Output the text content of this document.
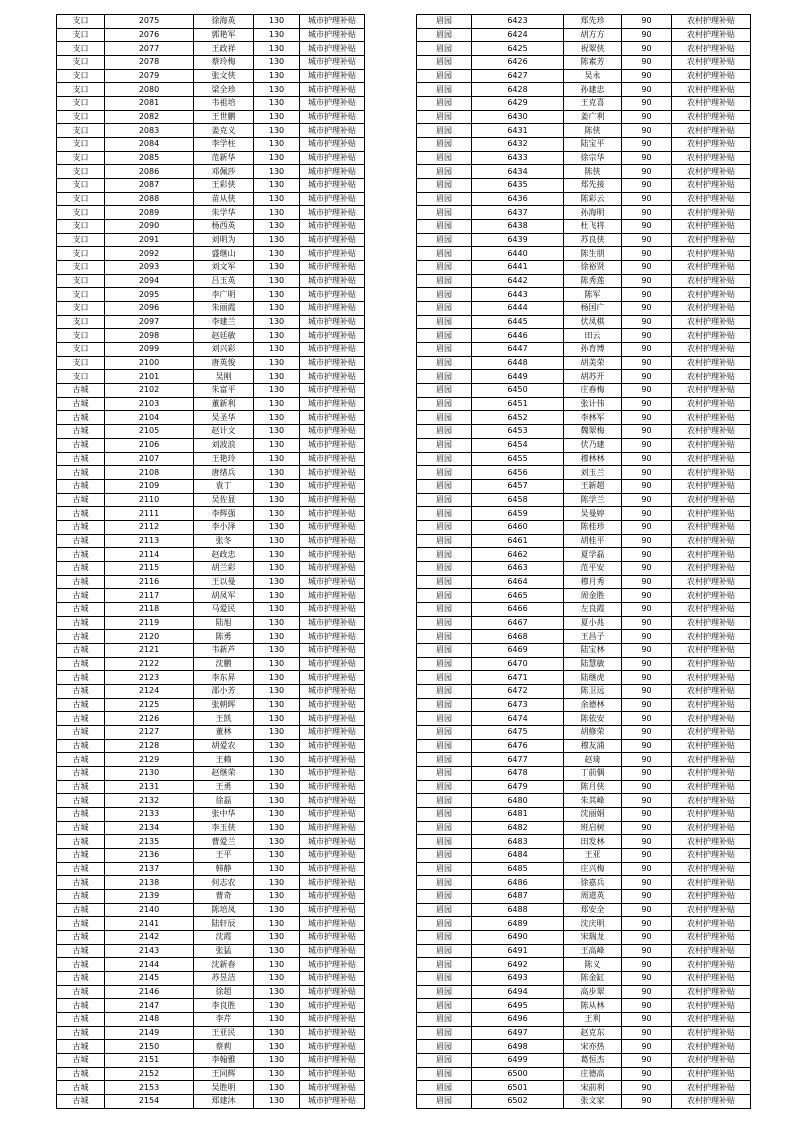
支口	2075	徐海英	130	城市护理补贴
支口	2076	郭艳军	130	城市护理补贴
支口	2077	王政祥	130	城市护理补贴
支口	2078	蔡玲梅	130	城市护理补贴
支口	2079	张文侠	130	城市护理补贴
支口	2080	梁全珍	130	城市护理补贴
支口	2081	韦祖培	130	城市护理补贴
支口	2082	王世鹏	130	城市护理补贴
支口	2083	姜克义	130	城市护理补贴
支口	2084	李学柱	130	城市护理补贴
支口	2085	范新华	130	城市护理补贴
支口	2086	邓佩莎	130	城市护理补贴
支口	2087	王彩侠	130	城市护理补贴
支口	2088	苗从侠	130	城市护理补贴
支口	2089	朱学华	130	城市护理补贴
支口	2090	杨西英	130	城市护理补贴
支口	2091	刘明为	130	城市护理补贴
支口	2092	盛继山	130	城市护理补贴
支口	2093	刘文军	130	城市护理补贴
支口	2094	吕玉英	130	城市护理补贴
支口	2095	李广明	130	城市护理补贴
支口	2096	朱丽霞	130	城市护理补贴
支口	2097	李建兰	130	城市护理补贴
支口	2098	赵廷敏	130	城市护理补贴
支口	2099	刘兴彩	130	城市护理补贴
支口	2100	唐英俊	130	城市护理补贴
支口	2101	吴刚	130	城市护理补贴
古城	2102	朱富平	130	城市护理补贴
古城	2103	董新利	130	城市护理补贴
古城	2104	吴圣华	130	城市护理补贴
古城	2105	赵计文	130	城市护理补贴
古城	2106	刘波浪	130	城市护理补贴
古城	2107	王艳玲	130	城市护理补贴
古城	2108	唐绪兵	130	城市护理补贴
古城	2109	袁丁	130	城市护理补贴
古城	2110	吴佐显	130	城市护理补贴
古城	2111	李辉强	130	城市护理补贴
古城	2112	李小泽	130	城市护理补贴
古城	2113	张冬	130	城市护理补贴
古城	2114	赵政忠	130	城市护理补贴
古城	2115	胡兰彩	130	城市护理补贴
古城	2116	王以曼	130	城市护理补贴
古城	2117	胡凤军	130	城市护理补贴
古城	2118	马爱民	130	城市护理补贴
古城	2119	陆旭	130	城市护理补贴
古城	2120	陈勇	130	城市护理补贴
古城	2121	韦新芦	130	城市护理补贴
古城	2122	沈鹏	130	城市护理补贴
古城	2123	李东昇	130	城市护理补贴
古城	2124	邵小芳	130	城市护理补贴
古城	2125	张朝晖	130	城市护理补贴
古城	2126	王凯	130	城市护理补贴
古城	2127	董林	130	城市护理补贴
古城	2128	胡爱农	130	城市护理补贴
古城	2129	王赖	130	城市护理补贴
古城	2130	赵继荣	130	城市护理补贴
古城	2131	王勇	130	城市护理补贴
古城	2132	徐磊	130	城市护理补贴
古城	2133	张中华	130	城市护理补贴
古城	2134	李玉侠	130	城市护理补贴
古城	2135	曹爱兰	130	城市护理补贴
古城	2136	王平	130	城市护理补贴
古城	2137	韩静	130	城市护理补贴
古城	2138	何志农	130	城市护理补贴
古城	2139	曹奇	130	城市护理补贴
古城	2140	陈培凤	130	城市护理补贴
古城	2141	陆轩辰	130	城市护理补贴
古城	2142	沈霞	130	城市护理补贴
古城	2143	张猛	130	城市护理补贴
古城	2144	沈新春	130	城市护理补贴
古城	2145	苏昱洁	130	城市护理补贴
古城	2146	徐超	130	城市护理补贴
古城	2147	李良胜	130	城市护理补贴
古城	2148	李芹	130	城市护理补贴
古城	2149	王亚民	130	城市护理补贴
古城	2150	蔡莉	130	城市护理补贴
古城	2151	李翰雅	130	城市护理补贴
古城	2152	王同辉	130	城市护理补贴
古城	2153	吴胜明	130	城市护理补贴
古城	2154	郑建沐	130	城市护理补贴
眉园	6423	郑先珍	90	农村护理补贴
眉园	6424	胡方方	90	农村护理补贴
眉园	6425	祝翠侠	90	农村护理补贴
眉园	6426	陈素芳	90	农村护理补贴
眉园	6427	吴永	90	农村护理补贴
眉园	6428	孙建忠	90	农村护理补贴
眉园	6429	王克喜	90	农村护理补贴
眉园	6430	姜广利	90	农村护理补贴
眉园	6431	陈侠	90	农村护理补贴
眉园	6432	陆宝平	90	农村护理补贴
眉园	6433	徐宗华	90	农村护理补贴
眉园	6434	陈侠	90	农村护理补贴
眉园	6435	郑先接	90	农村护理补贴
眉园	6436	陈彩云	90	农村护理补贴
眉园	6437	孙海明	90	农村护理补贴
眉园	6438	杜飞将	90	农村护理补贴
眉园	6439	苏良侠	90	农村护理补贴
眉园	6440	陈生朋	90	农村护理补贴
眉园	6441	徐裕贤	90	农村护理补贴
眉园	6442	陈秀莲	90	农村护理补贴
眉园	6443	陈军	90	农村护理补贴
眉园	6444	杨国广	90	农村护理补贴
眉园	6445	伏凤棋	90	农村护理补贴
眉园	6446	田云	90	农村护理补贴
眉园	6447	孙育博	90	农村护理补贴
眉园	6448	胡美荣	90	农村护理补贴
眉园	6449	胡苏开	90	农村护理补贴
眉园	6450	庄春梅	90	农村护理补贴
眉园	6451	张计伟	90	农村护理补贴
眉园	6452	李林军	90	农村护理补贴
眉园	6453	魏翠梅	90	农村护理补贴
眉园	6454	伏乃建	90	农村护理补贴
眉园	6455	穆林林	90	农村护理补贴
眉园	6456	刘玉兰	90	农村护理补贴
眉园	6457	王新超	90	农村护理补贴
眉园	6458	陈学兰	90	农村护理补贴
眉园	6459	吴曼婷	90	农村护理补贴
眉园	6460	陈桂珍	90	农村护理补贴
眉园	6461	胡桂平	90	农村护理补贴
眉园	6462	夏学磊	90	农村护理补贴
眉园	6463	范平安	90	农村护理补贴
眉园	6464	穆月秀	90	农村护理补贴
眉园	6465	周金胜	90	农村护理补贴
眉园	6466	左良霞	90	农村护理补贴
眉园	6467	夏小兆	90	农村护理补贴
眉园	6468	王昌子	90	农村护理补贴
眉园	6469	陆宝林	90	农村护理补贴
眉园	6470	陆慧敏	90	农村护理补贴
眉园	6471	陆继虎	90	农村护理补贴
眉园	6472	陈卫远	90	农村护理补贴
眉园	6473	余德林	90	农村护理补贴
眉园	6474	陈依安	90	农村护理补贴
眉园	6475	胡修荣	90	农村护理补贴
眉园	6476	穆友浦	90	农村护理补贴
眉园	6477	赵琦	90	农村护理补贴
眉园	6478	丁前偶	90	农村护理补贴
眉园	6479	陈月侠	90	农村护理补贴
眉园	6480	朱其峰	90	农村护理补贴
眉园	6481	沈丽娟	90	农村护理补贴
眉园	6482	班启树	90	农村护理补贴
眉园	6483	田发林	90	农村护理补贴
眉园	6484	王亚	90	农村护理补贴
眉园	6485	庄兴梅	90	农村护理补贴
眉园	6486	徐嘉兵	90	农村护理补贴
眉园	6487	周道英	90	农村护理补贴
眉园	6488	郑安全	90	农村护理补贴
眉园	6489	沈庆明	90	农村护理补贴
眉园	6490	宋瑞龙	90	农村护理补贴
眉园	6491	王高峰	90	农村护理补贴
眉园	6492	陈义	90	农村护理补贴
眉园	6493	陈金缸	90	农村护理补贴
眉园	6494	高步翠	90	农村护理补贴
眉园	6495	陈从林	90	农村护理补贴
眉园	6496	王利	90	农村护理补贴
眉园	6497	赵克东	90	农村护理补贴
眉园	6498	宋亦热	90	农村护理补贴
眉园	6499	葛恒杰	90	农村护理补贴
眉园	6500	庄德高	90	农村护理补贴
眉园	6501	宋前利	90	农村护理补贴
眉园	6502	张文家	90	农村护理补贴
